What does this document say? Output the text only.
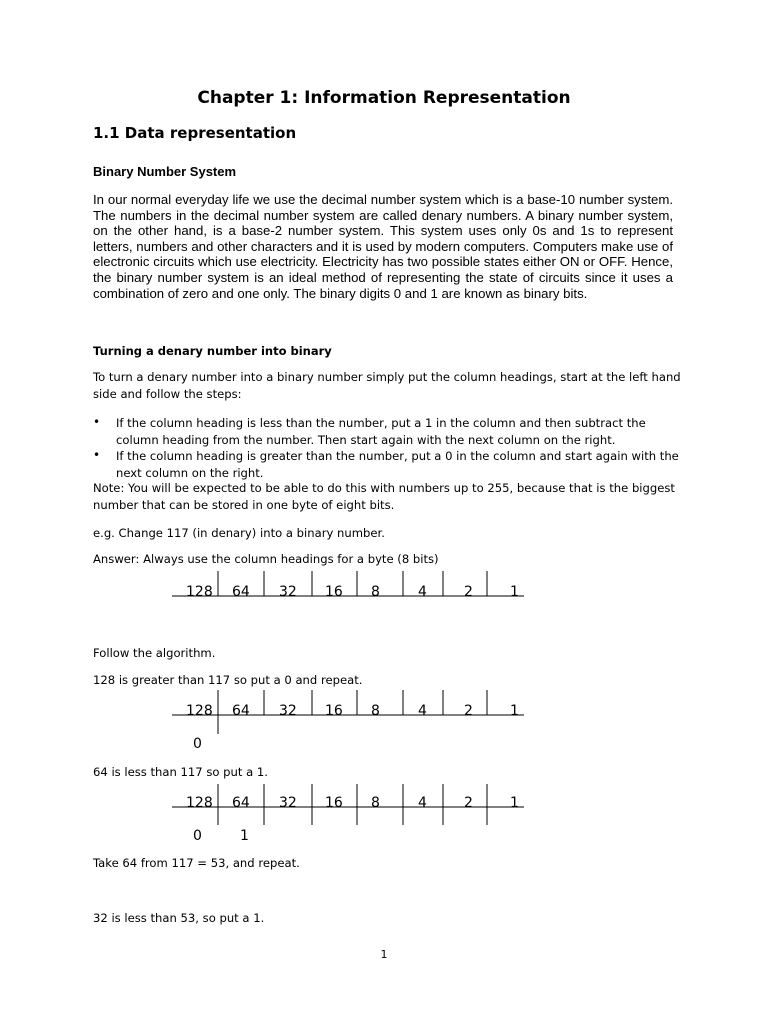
Chapter 1: Information Representation
1.1 Data representation
Binary Number System
In our normal everyday life we use the decimal number system which is a base-10 number system. The numbers in the decimal number system are called denary numbers. A binary number system, on the other hand, is a base-2 number system. This system uses only 0s and 1s to represent letters, numbers and other characters and it is used by modern computers. Computers make use of electronic circuits which use electricity. Electricity has two possible states either ON or OFF. Hence, the binary number system is an ideal method of representing the state of circuits since it uses a combination of zero and one only. The binary digits 0 and 1 are known as binary bits.
Turning a denary number into binary
To turn a denary number into a binary number simply put the column headings, start at the left hand side and follow the steps:
• If the column heading is less than the number, put a 1 in the column and then subtract the column heading from the number. Then start again with the next column on the right.
• If the column heading is greater than the number, put a 0 in the column and start again with the next column on the right.
Note: You will be expected to be able to do this with numbers up to 255, because that is the biggest number that can be stored in one byte of eight bits.
e.g. Change 117 (in denary) into a binary number.
Answer: Always use the column headings for a byte (8 bits)
128 64 32 16 8	4	2	1
Follow the algorithm.
128 is greater than 117 so put a 0 and repeat.
128 64 32 16 8	4	2	1
0
64 is less than 117 so put a 1.
128 64 32 16 8	4	2	1
0	1
Take 64 from 117 = 53, and repeat.
32 is less than 53, so put a 1.
1
